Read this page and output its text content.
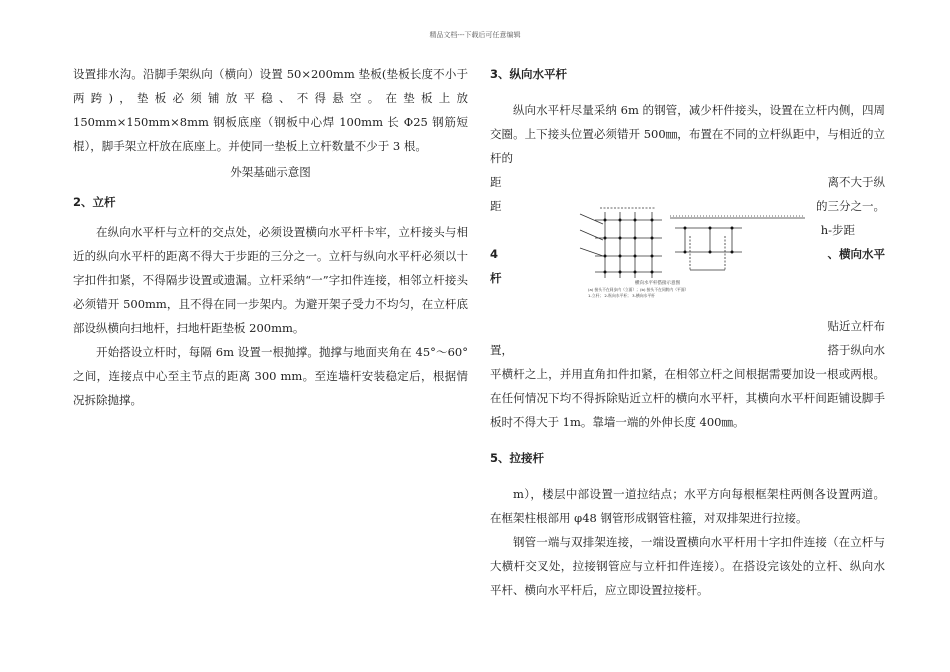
精品文档---下载后可任意编辑

设置排水沟。沿脚手架纵向（横向）设置 50×200mm 垫板(垫板长度不小于两跨)，垫板必须铺放平稳、不得悬空。在垫板上放 150mm×150mm×8mm 钢板底座（钢板中心焊 100mm 长 Φ25 钢筋短棍），脚手架立杆放在底座上。并使同一垫板上立杆数量不少于 3 根。

外架基础示意图

2、立杆

在纵向水平杆与立杆的交点处，必须设置横向水平杆卡牢，立杆接头与相近的纵向水平杆的距离不得大于步距的三分之一。立杆与纵向水平杆必须以十字扣件扣紧，不得隔步设置或遗漏。立杆采纳“一”字扣件连接，相邻立杆接头必须错开 500mm，且不得在同一步架内。为避开架子受力不均匀，在立杆底部设纵横向扫地杆，扫地杆距垫板 200mm。

开始搭设立杆时，每隔 6m 设置一根抛撑。抛撑与地面夹角在 45°～60° 之间，连接点中心至主节点的距离 300 mm。至连墙杆安装稳定后，根据情况拆除抛撑。

3、纵向水平杆

纵向水平杆尽量采纳 6m 的钢管，减少杆件接头，设置在立杆内侧，四周交圈。上下接头位置必须错开 500㎜，布置在不同的立杆纵距中，与相近的立杆的

距	离不大于纵
距	的三分之一。
h-步距
4	、横向水平
杆
贴近立杆布
置，	搭于纵向水

平横杆之上，并用直角扣件扣紧，在相邻立杆之间根据需要加设一根或两根。在任何情况下均不得拆除贴近立杆的横向水平杆，其横向水平杆间距铺设脚手板时不得大于 1m。靠墙一端的外伸长度 400㎜。

5、拉接杆

m），楼层中部设置一道拉结点；水平方向每根框架柱两侧各设置两道。在框架柱根部用 φ48 钢管形成钢管柱箍，对双排架进行拉接。

钢管一端与双排架连接，一端设置横向水平杆用十字扣件连接（在立杆与大横杆交叉处，拉接钢管应与立杆扣件连接）。在搭设完该处的立杆、纵向水平杆、横向水平杆后，应立即设置拉接杆。

横向水平杆搭接示意图
(a) 接头不在同步内（立面）；(b) 接头不在同跨内（平面）
1-立杆； 2-纵向水平杆； 3-横向水平杆
